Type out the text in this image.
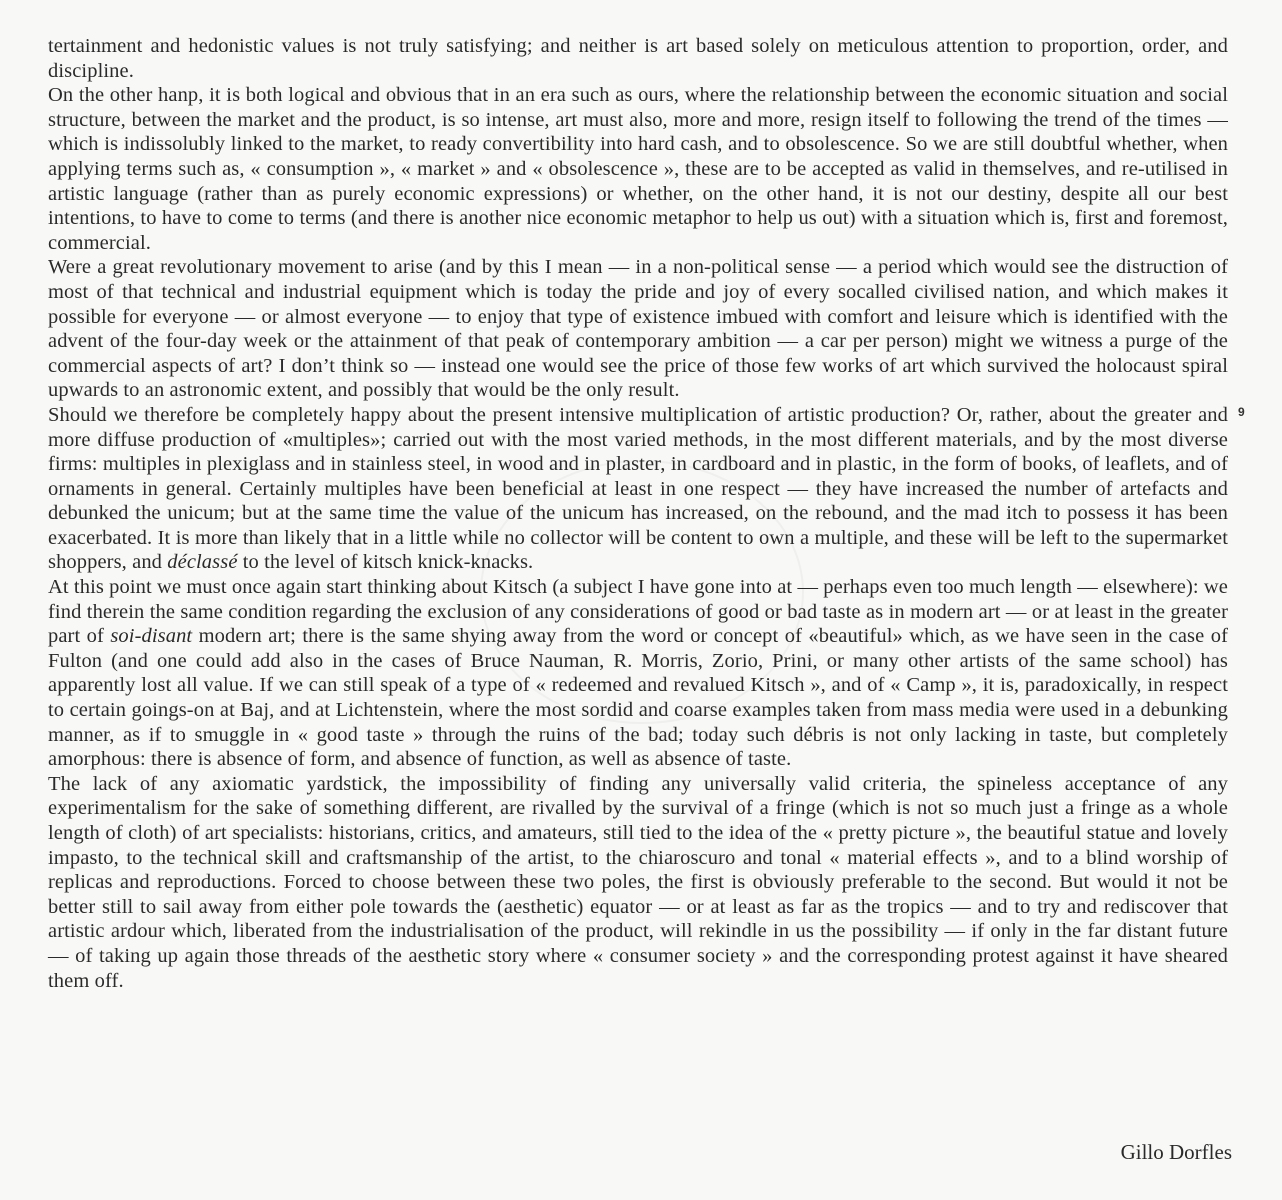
tertainment and hedonistic values is not truly satisfying; and neither is art based solely on meticulous attention to proportion, order, and discipline.

On the other hanp, it is both logical and obvious that in an era such as ours, where the relationship between the economic situation and social structure, between the market and the product, is so intense, art must also, more and more, resign itself to following the trend of the times — which is indissolubly linked to the market, to ready convertibility into hard cash, and to obsolescence. So we are still doubtful whether, when applying terms such as, « consumption », « market » and « obsolescence », these are to be accepted as valid in themselves, and re-utilised in artistic language (rather than as purely economic expressions) or whether, on the other hand, it is not our destiny, despite all our best intentions, to have to come to terms (and there is another nice economic metaphor to help us out) with a situation which is, first and foremost, commercial.

Were a great revolutionary movement to arise (and by this I mean — in a non-political sense — a period which would see the distruction of most of that technical and industrial equipment which is today the pride and joy of every socalled civilised nation, and which makes it possible for everyone — or almost everyone — to enjoy that type of existence imbued with comfort and leisure which is identified with the advent of the four-day week or the attainment of that peak of contemporary ambition — a car per person) might we witness a purge of the commercial aspects of art? I don’t think so — instead one would see the price of those few works of art which survived the holocaust spiral upwards to an astronomic extent, and possibly that would be the only result.

Should we therefore be completely happy about the present intensive multiplication of artistic production? Or, rather, about the greater and more diffuse production of «multiples»; carried out with the most varied methods, in the most different materials, and by the most diverse firms: multiples in plexiglass and in stainless steel, in wood and in plaster, in cardboard and in plastic, in the form of books, of leaflets, and of ornaments in general. Certainly multiples have been beneficial at least in one respect — they have increased the number of artefacts and debunked the unicum; but at the same time the value of the unicum has increased, on the rebound, and the mad itch to possess it has been exacerbated. It is more than likely that in a little while no collector will be content to own a multiple, and these will be left to the supermarket shoppers, and déclassé to the level of kitsch knick-knacks.

At this point we must once again start thinking about Kitsch (a subject I have gone into at — perhaps even too much length — elsewhere): we find therein the same condition regarding the exclusion of any considerations of good or bad taste as in modern art — or at least in the greater part of soi-disant modern art; there is the same shying away from the word or concept of «beautiful» which, as we have seen in the case of Fulton (and one could add also in the cases of Bruce Nauman, R. Morris, Zorio, Prini, or many other artists of the same school) has apparently lost all value. If we can still speak of a type of « redeemed and revalued Kitsch », and of « Camp », it is, paradoxically, in respect to certain goings-on at Baj, and at Lichtenstein, where the most sordid and coarse examples taken from mass media were used in a debunking manner, as if to smuggle in « good taste » through the ruins of the bad; today such débris is not only lacking in taste, but completely amorphous: there is absence of form, and absence of function, as well as absence of taste.

The lack of any axiomatic yardstick, the impossibility of finding any universally valid criteria, the spineless acceptance of any experimentalism for the sake of something different, are rivalled by the survival of a fringe (which is not so much just a fringe as a whole length of cloth) of art specialists: historians, critics, and amateurs, still tied to the idea of the « pretty picture », the beautiful statue and lovely impasto, to the technical skill and craftsmanship of the artist, to the chiaroscuro and tonal « material effects », and to a blind worship of replicas and reproductions. Forced to choose between these two poles, the first is obviously preferable to the second. But would it not be better still to sail away from either pole towards the (aesthetic) equator — or at least as far as the tropics — and to try and rediscover that artistic ardour which, liberated from the industrialisation of the product, will rekindle in us the possibility — if only in the far distant future — of taking up again those threads of the aesthetic story where « consumer society » and the corresponding protest against it have sheared them off.

Gillo Dorfles
9
